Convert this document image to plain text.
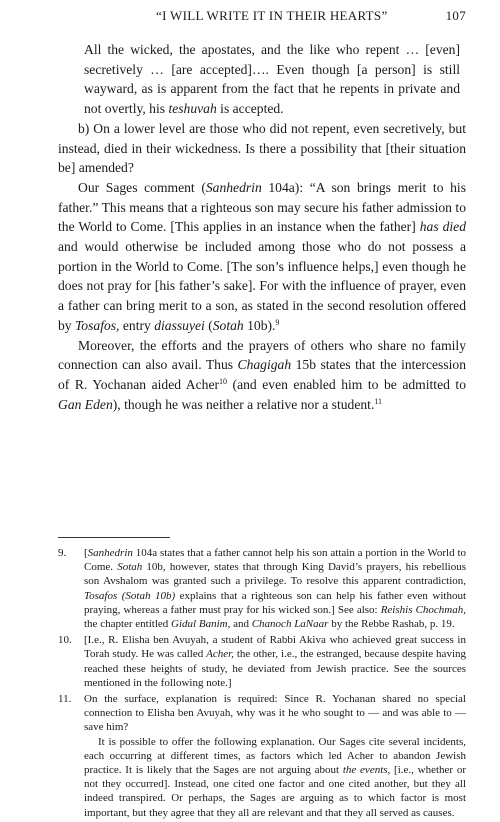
“I WILL WRITE IT IN THEIR HEARTS”	107

All the wicked, the apostates, and the like who repent … [even] secretively … [are accepted]…. Even though [a person] is still wayward, as is apparent from the fact that he repents in private and not overtly, his teshuvah is accepted.

b) On a lower level are those who did not repent, even secretively, but instead, died in their wickedness. Is there a possibility that [their situation be] amended?

Our Sages comment (Sanhedrin 104a): “A son brings merit to his father.” This means that a righteous son may secure his father admission to the World to Come. [This applies in an instance when the father] has died and would otherwise be included among those who do not possess a portion in the World to Come. [The son’s influence helps,] even though he does not pray for [his father’s sake]. For with the influence of prayer, even a father can bring merit to a son, as stated in the second resolution offered by Tosafos, entry diassuyei (Sotah 10b).$^9$

Moreover, the efforts and the prayers of others who share no family connection can also avail. Thus Chagigah 15b states that the intercession of R. Yochanan aided Acher$^{10}$ (and even enabled him to be admitted to Gan Eden), though he was neither a relative nor a student.$^{11}$

9.	[Sanhedrin 104a states that a father cannot help his son attain a portion in the World to Come. Sotah 10b, however, states that through King David’s prayers, his rebellious son Avshalom was granted such a privilege. To resolve this apparent contradiction, Tosafos (Sotah 10b) explains that a righteous son can help his father even without praying, whereas a father must pray for his wicked son.] See also: Reishis Chochmah, the chapter entitled Gidul Banim, and Chanoch LaNaar by the Rebbe Rashab, p. 19.
10.	[I.e., R. Elisha ben Avuyah, a student of Rabbi Akiva who achieved great success in Torah study. He was called Acher, the other, i.e., the estranged, because despite having reached these heights of study, he deviated from Jewish practice. See the sources mentioned in the following note.]
11.	On the surface, explanation is required: Since R. Yochanan shared no special connection to Elisha ben Avuyah, why was it he who sought to — and was able to — save him?

It is possible to offer the following explanation. Our Sages cite several incidents, each occurring at different times, as factors which led Acher to abandon Jewish practice. It is likely that the Sages are not arguing about the events, [i.e., whether or not they occurred]. Instead, one cited one factor and one cited another, but they all indeed transpired. Or perhaps, the Sages are arguing as to which factor is most important, but they agree that they all are relevant and that they all served as causes.
